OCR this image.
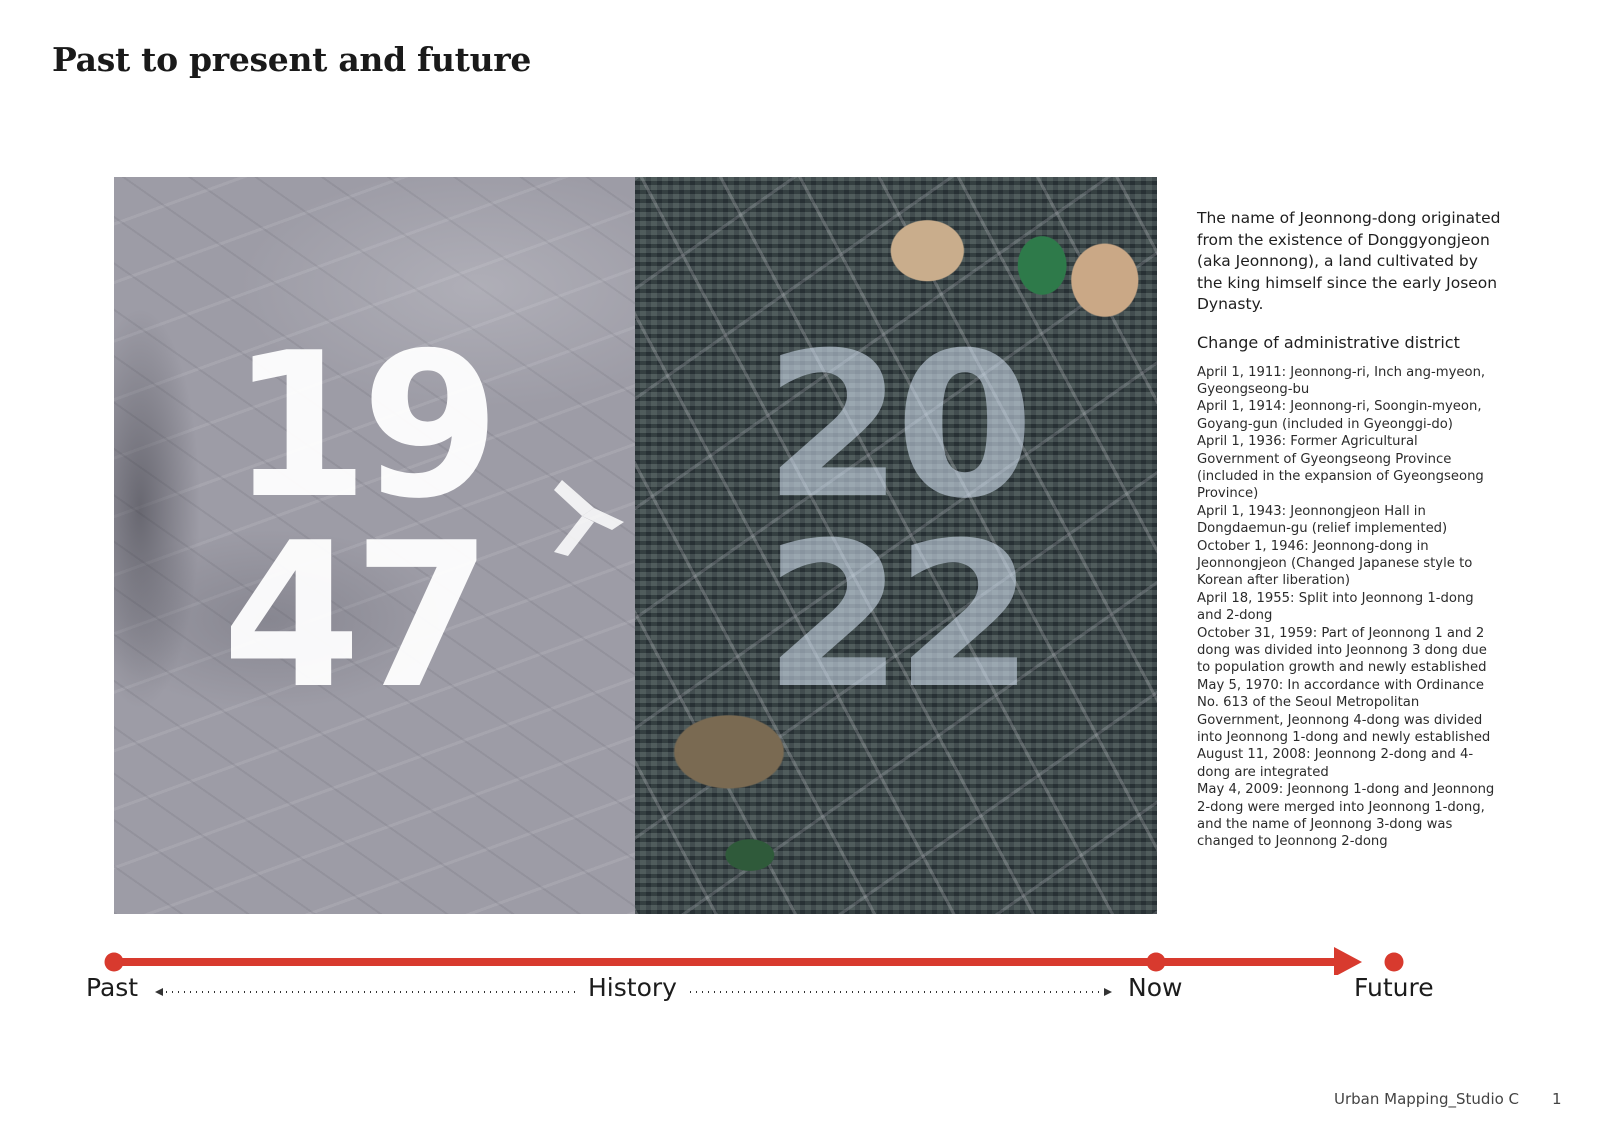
Past to present and future
19
47
20
22

The name of Jeonnong-dong originated from the existence of Donggyongjeon (aka Jeonnong), a land cultivated by the king himself since the early Joseon Dynasty.

Change of administrative district

April 1, 1911: Jeonnong-ri, Inch ang-myeon, Gyeongseong-bu
April 1, 1914: Jeonnong-ri, Soongin-myeon, Goyang-gun (included in Gyeonggi-do)
April 1, 1936: Former Agricultural Government of Gyeongseong Province (included in the expansion of Gyeongseong Province)
April 1, 1943: Jeonnongjeon Hall in Dongdaemun-gu (relief implemented)
October 1, 1946: Jeonnong-dong in Jeonnongjeon (Changed Japanese style to Korean after liberation)
April 18, 1955: Split into Jeonnong 1-dong and 2-dong
October 31, 1959: Part of Jeonnong 1 and 2 dong was divided into Jeonnong 3 dong due to population growth and newly established
May 5, 1970: In accordance with Ordinance No. 613 of the Seoul Metropolitan Government, Jeonnong 4-dong was divided into Jeonnong 1-dong and newly established
August 11, 2008: Jeonnong 2-dong and 4-dong are integrated
May 4, 2009: Jeonnong 1-dong and Jeonnong 2-dong were merged into Jeonnong 1-dong, and the name of Jeonnong 3-dong was changed to Jeonnong 2-dong
Past	History	Now	Future
Urban Mapping_Studio C 1
